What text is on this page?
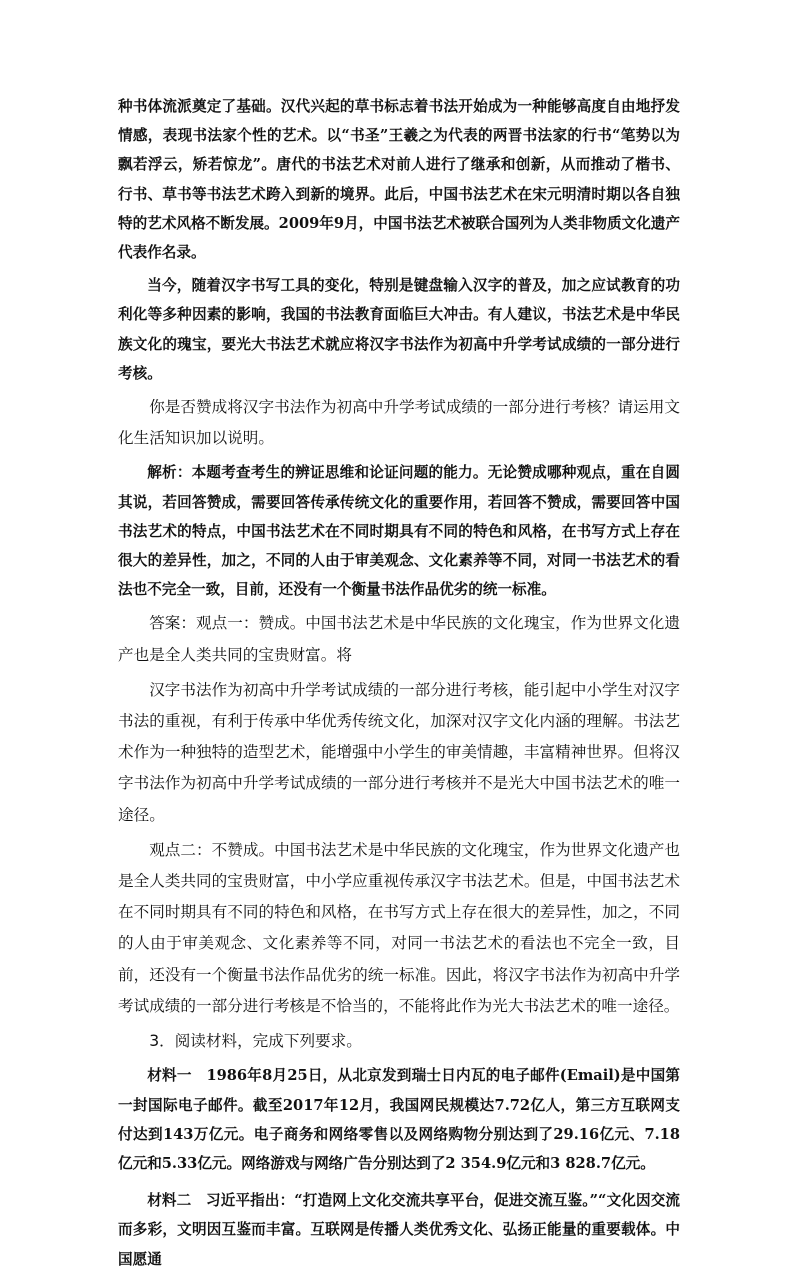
种书体流派奠定了基础。汉代兴起的草书标志着书法开始成为一种能够高度自由地抒发情感，表现书法家个性的艺术。以“书圣”王羲之为代表的两晋书法家的行书“笔势以为飘若浮云，矫若惊龙”。唐代的书法艺术对前人进行了继承和创新，从而推动了楷书、行书、草书等书法艺术跨入到新的境界。此后，中国书法艺术在宋元明清时期以各自独特的艺术风格不断发展。2009年9月，中国书法艺术被联合国列为人类非物质文化遗产代表作名录。

当今，随着汉字书写工具的变化，特别是键盘输入汉字的普及，加之应试教育的功利化等多种因素的影响，我国的书法教育面临巨大冲击。有人建议，书法艺术是中华民族文化的瑰宝，要光大书法艺术就应将汉字书法作为初高中升学考试成绩的一部分进行考核。

你是否赞成将汉字书法作为初高中升学考试成绩的一部分进行考核？请运用文化生活知识加以说明。

解析：本题考查考生的辨证思维和论证问题的能力。无论赞成哪种观点，重在自圆其说，若回答赞成，需要回答传承传统文化的重要作用，若回答不赞成，需要回答中国书法艺术的特点，中国书法艺术在不同时期具有不同的特色和风格，在书写方式上存在很大的差异性，加之，不同的人由于审美观念、文化素养等不同，对同一书法艺术的看法也不完全一致，目前，还没有一个衡量书法作品优劣的统一标准。

答案：观点一：赞成。中国书法艺术是中华民族的文化瑰宝，作为世界文化遗产也是全人类共同的宝贵财富。将

汉字书法作为初高中升学考试成绩的一部分进行考核，能引起中小学生对汉字书法的重视，有利于传承中华优秀传统文化，加深对汉字文化内涵的理解。书法艺术作为一种独特的造型艺术，能增强中小学生的审美情趣，丰富精神世界。但将汉字书法作为初高中升学考试成绩的一部分进行考核并不是光大中国书法艺术的唯一途径。

观点二：不赞成。中国书法艺术是中华民族的文化瑰宝，作为世界文化遗产也是全人类共同的宝贵财富，中小学应重视传承汉字书法艺术。但是，中国书法艺术在不同时期具有不同的特色和风格，在书写方式上存在很大的差异性，加之，不同的人由于审美观念、文化素养等不同，对同一书法艺术的看法也不完全一致，目前，还没有一个衡量书法作品优劣的统一标准。因此，将汉字书法作为初高中升学考试成绩的一部分进行考核是不恰当的，不能将此作为光大书法艺术的唯一途径。

3．阅读材料，完成下列要求。

材料一　1986年8月25日，从北京发到瑞士日内瓦的电子邮件(Email)是中国第一封国际电子邮件。截至2017年12月，我国网民规模达7.72亿人，第三方互联网支付达到143万亿元。电子商务和网络零售以及网络购物分别达到了29.16亿元、7.18亿元和5.33亿元。网络游戏与网络广告分别达到了2 354.9亿元和3 828.7亿元。

材料二　习近平指出：“打造网上文化交流共享平台，促进交流互鉴。”“文化因交流而多彩，文明因互鉴而丰富。互联网是传播人类优秀文化、弘扬正能量的重要载体。中国愿通
